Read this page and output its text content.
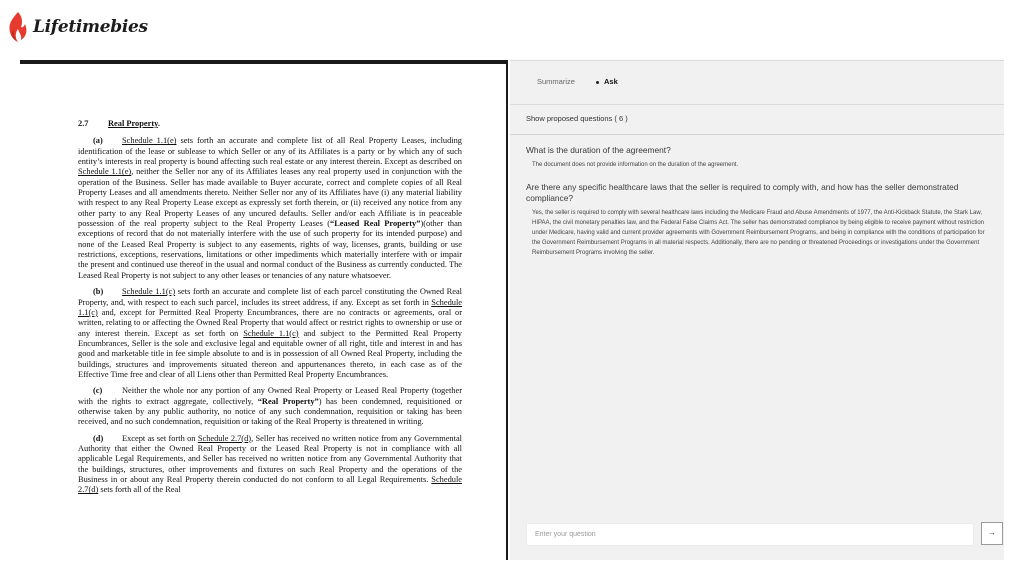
Lifetimebies
2.7 Real Property.

(a) Schedule 1.1(e) sets forth an accurate and complete list of all Real Property Leases, including identification of the lease or sublease to which Seller or any of its Affiliates is a party or by which any of such entity’s interests in real property is bound affecting such real estate or any interest therein. Except as described on Schedule 1.1(e), neither the Seller nor any of its Affiliates leases any real property used in conjunction with the operation of the Business. Seller has made available to Buyer accurate, correct and complete copies of all Real Property Leases and all amendments thereto. Neither Seller nor any of its Affiliates have (i) any material liability with respect to any Real Property Lease except as expressly set forth therein, or (ii) received any notice from any other party to any Real Property Leases of any uncured defaults. Seller and/or each Affiliate is in peaceable possession of the real property subject to the Real Property Leases (“Leased Real Property”)(other than exceptions of record that do not materially interfere with the use of such property for its intended purpose) and none of the Leased Real Property is subject to any easements, rights of way, licenses, grants, building or use restrictions, exceptions, reservations, limitations or other impediments which materially interfere with or impair the present and continued use thereof in the usual and normal conduct of the Business as currently conducted. The Leased Real Property is not subject to any other leases or tenancies of any nature whatsoever.

(b) Schedule 1.1(c) sets forth an accurate and complete list of each parcel constituting the Owned Real Property, and, with respect to each such parcel, includes its street address, if any. Except as set forth in Schedule 1.1(c) and, except for Permitted Real Property Encumbrances, there are no contracts or agreements, oral or written, relating to or affecting the Owned Real Property that would affect or restrict rights to ownership or use or any interest therein. Except as set forth on Schedule 1.1(c) and subject to the Permitted Real Property Encumbrances, Seller is the sole and exclusive legal and equitable owner of all right, title and interest in and has good and marketable title in fee simple absolute to and is in possession of all Owned Real Property, including the buildings, structures and improvements situated thereon and appurtenances thereto, in each case as of the Effective Time free and clear of all Liens other than Permitted Real Property Encumbrances.

(c) Neither the whole nor any portion of any Owned Real Property or Leased Real Property (together with the rights to extract aggregate, collectively, “Real Property”) has been condemned, requisitioned or otherwise taken by any public authority, no notice of any such condemnation, requisition or taking has been received, and no such condemnation, requisition or taking of the Real Property is threatened in writing.

(d) Except as set forth on Schedule 2.7(d), Seller has received no written notice from any Governmental Authority that either the Owned Real Property or the Leased Real Property is not in compliance with all applicable Legal Requirements, and Seller has received no written notice from any Governmental Authority that the buildings, structures, other improvements and fixtures on such Real Property and the operations of the Business in or about any Real Property therein conducted do not conform to all Legal Requirements. Schedule 2.7(d) sets forth all of the Real

Summarize	Ask
Show proposed questions ( 6 )
What is the duration of the agreement?
The document does not provide information on the duration of the agreement.
Are there any specific healthcare laws that the seller is required to comply with, and how has the seller demonstrated compliance?
Yes, the seller is required to comply with several healthcare laws including the Medicare Fraud and Abuse Amendments of 1977, the Anti-Kickback Statute, the Stark Law, HIPAA, the civil monetary penalties law, and the Federal False Claims Act. The seller has demonstrated compliance by being eligible to receive payment without restriction under Medicare, having valid and current provider agreements with Government Reimbursement Programs, and being in compliance with the conditions of participation for the Government Reimbursement Programs in all material respects. Additionally, there are no pending or threatened Proceedings or investigations under the Government Reimbursement Programs involving the seller.
Enter your question
→
